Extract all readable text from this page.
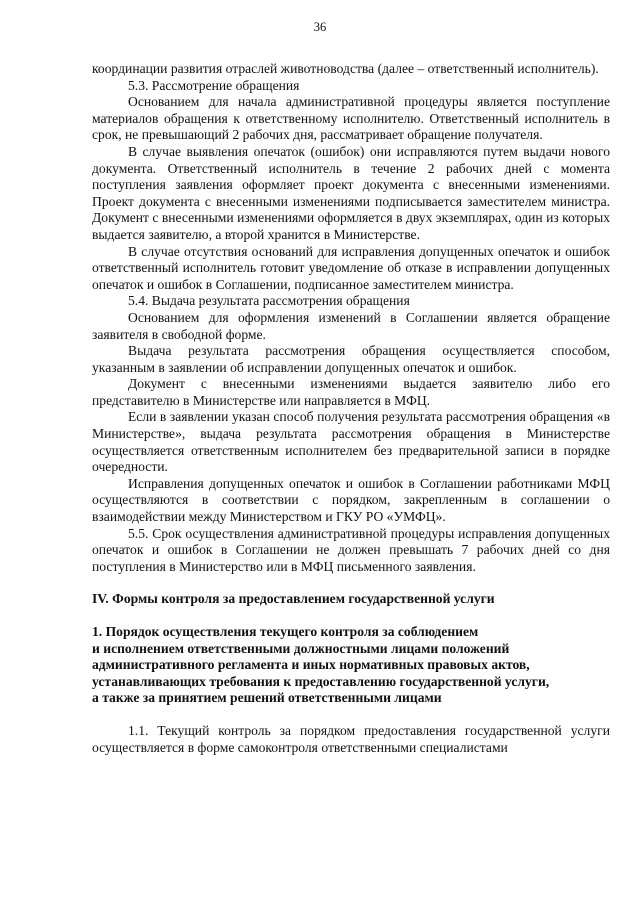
36

координации развития отраслей животноводства (далее – ответственный исполнитель).

5.3. Рассмотрение обращения

Основанием для начала административной процедуры является поступление материалов обращения к ответственному исполнителю. Ответственный исполнитель в срок, не превышающий 2 рабочих дня, рассматривает обращение получателя.

В случае выявления опечаток (ошибок) они исправляются путем выдачи нового документа. Ответственный исполнитель в течение 2 рабочих дней с момента поступления заявления оформляет проект документа с внесенными изменениями. Проект документа с внесенными изменениями подписывается заместителем министра. Документ с внесенными изменениями оформляется в двух экземплярах, один из которых выдается заявителю, а второй хранится в Министерстве.

В случае отсутствия оснований для исправления допущенных опечаток и ошибок ответственный исполнитель готовит уведомление об отказе в исправлении допущенных опечаток и ошибок в Соглашении, подписанное заместителем министра.

5.4. Выдача результата рассмотрения обращения

Основанием для оформления изменений в Соглашении является обращение заявителя в свободной форме.

Выдача результата рассмотрения обращения осуществляется способом, указанным в заявлении об исправлении допущенных опечаток и ошибок.

Документ с внесенными изменениями выдается заявителю либо его представителю в Министерстве или направляется в МФЦ.

Если в заявлении указан способ получения результата рассмотрения обращения «в Министерстве», выдача результата рассмотрения обращения в Министерстве осуществляется ответственным исполнителем без предварительной записи в порядке очередности.

Исправления допущенных опечаток и ошибок в Соглашении работниками МФЦ осуществляются в соответствии с порядком, закрепленным в соглашении о взаимодействии между Министерством и ГКУ РО «УМФЦ».

5.5. Срок осуществления административной процедуры исправления допущенных опечаток и ошибок в Соглашении не должен превышать 7 рабочих дней со дня поступления в Министерство или в МФЦ письменного заявления.

IV. Формы контроля за предоставлением государственной услуги

1. Порядок осуществления текущего контроля за соблюдением
и исполнением ответственными должностными лицами положений
административного регламента и иных нормативных правовых актов,
устанавливающих требования к предоставлению государственной услуги,
а также за принятием решений ответственными лицами

1.1. Текущий контроль за порядком предоставления государственной услуги осуществляется в форме самоконтроля ответственными специалистами
